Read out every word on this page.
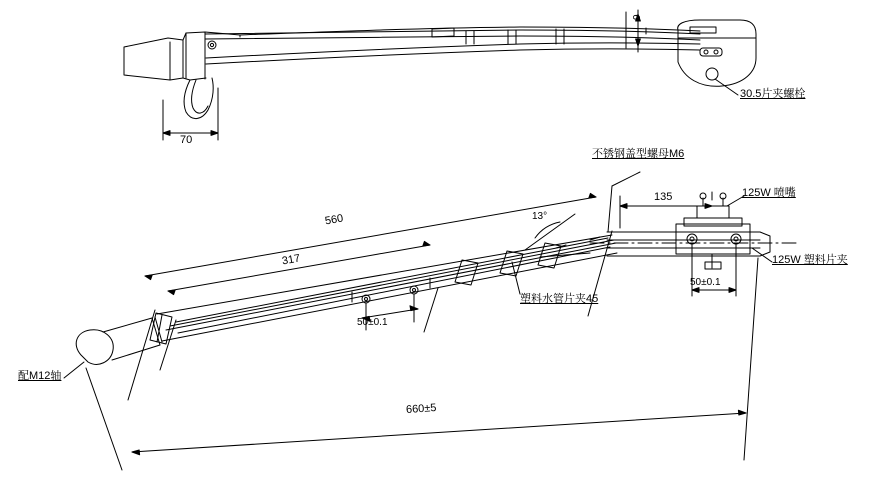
70
9
30.5片夹螺栓
配M12轴
不锈钢盖型螺母M6
125W 喷嘴
125W 塑料片夹
塑料水管片夹45
560
317
135
660±5
50±0.1
50±0.1
13°
